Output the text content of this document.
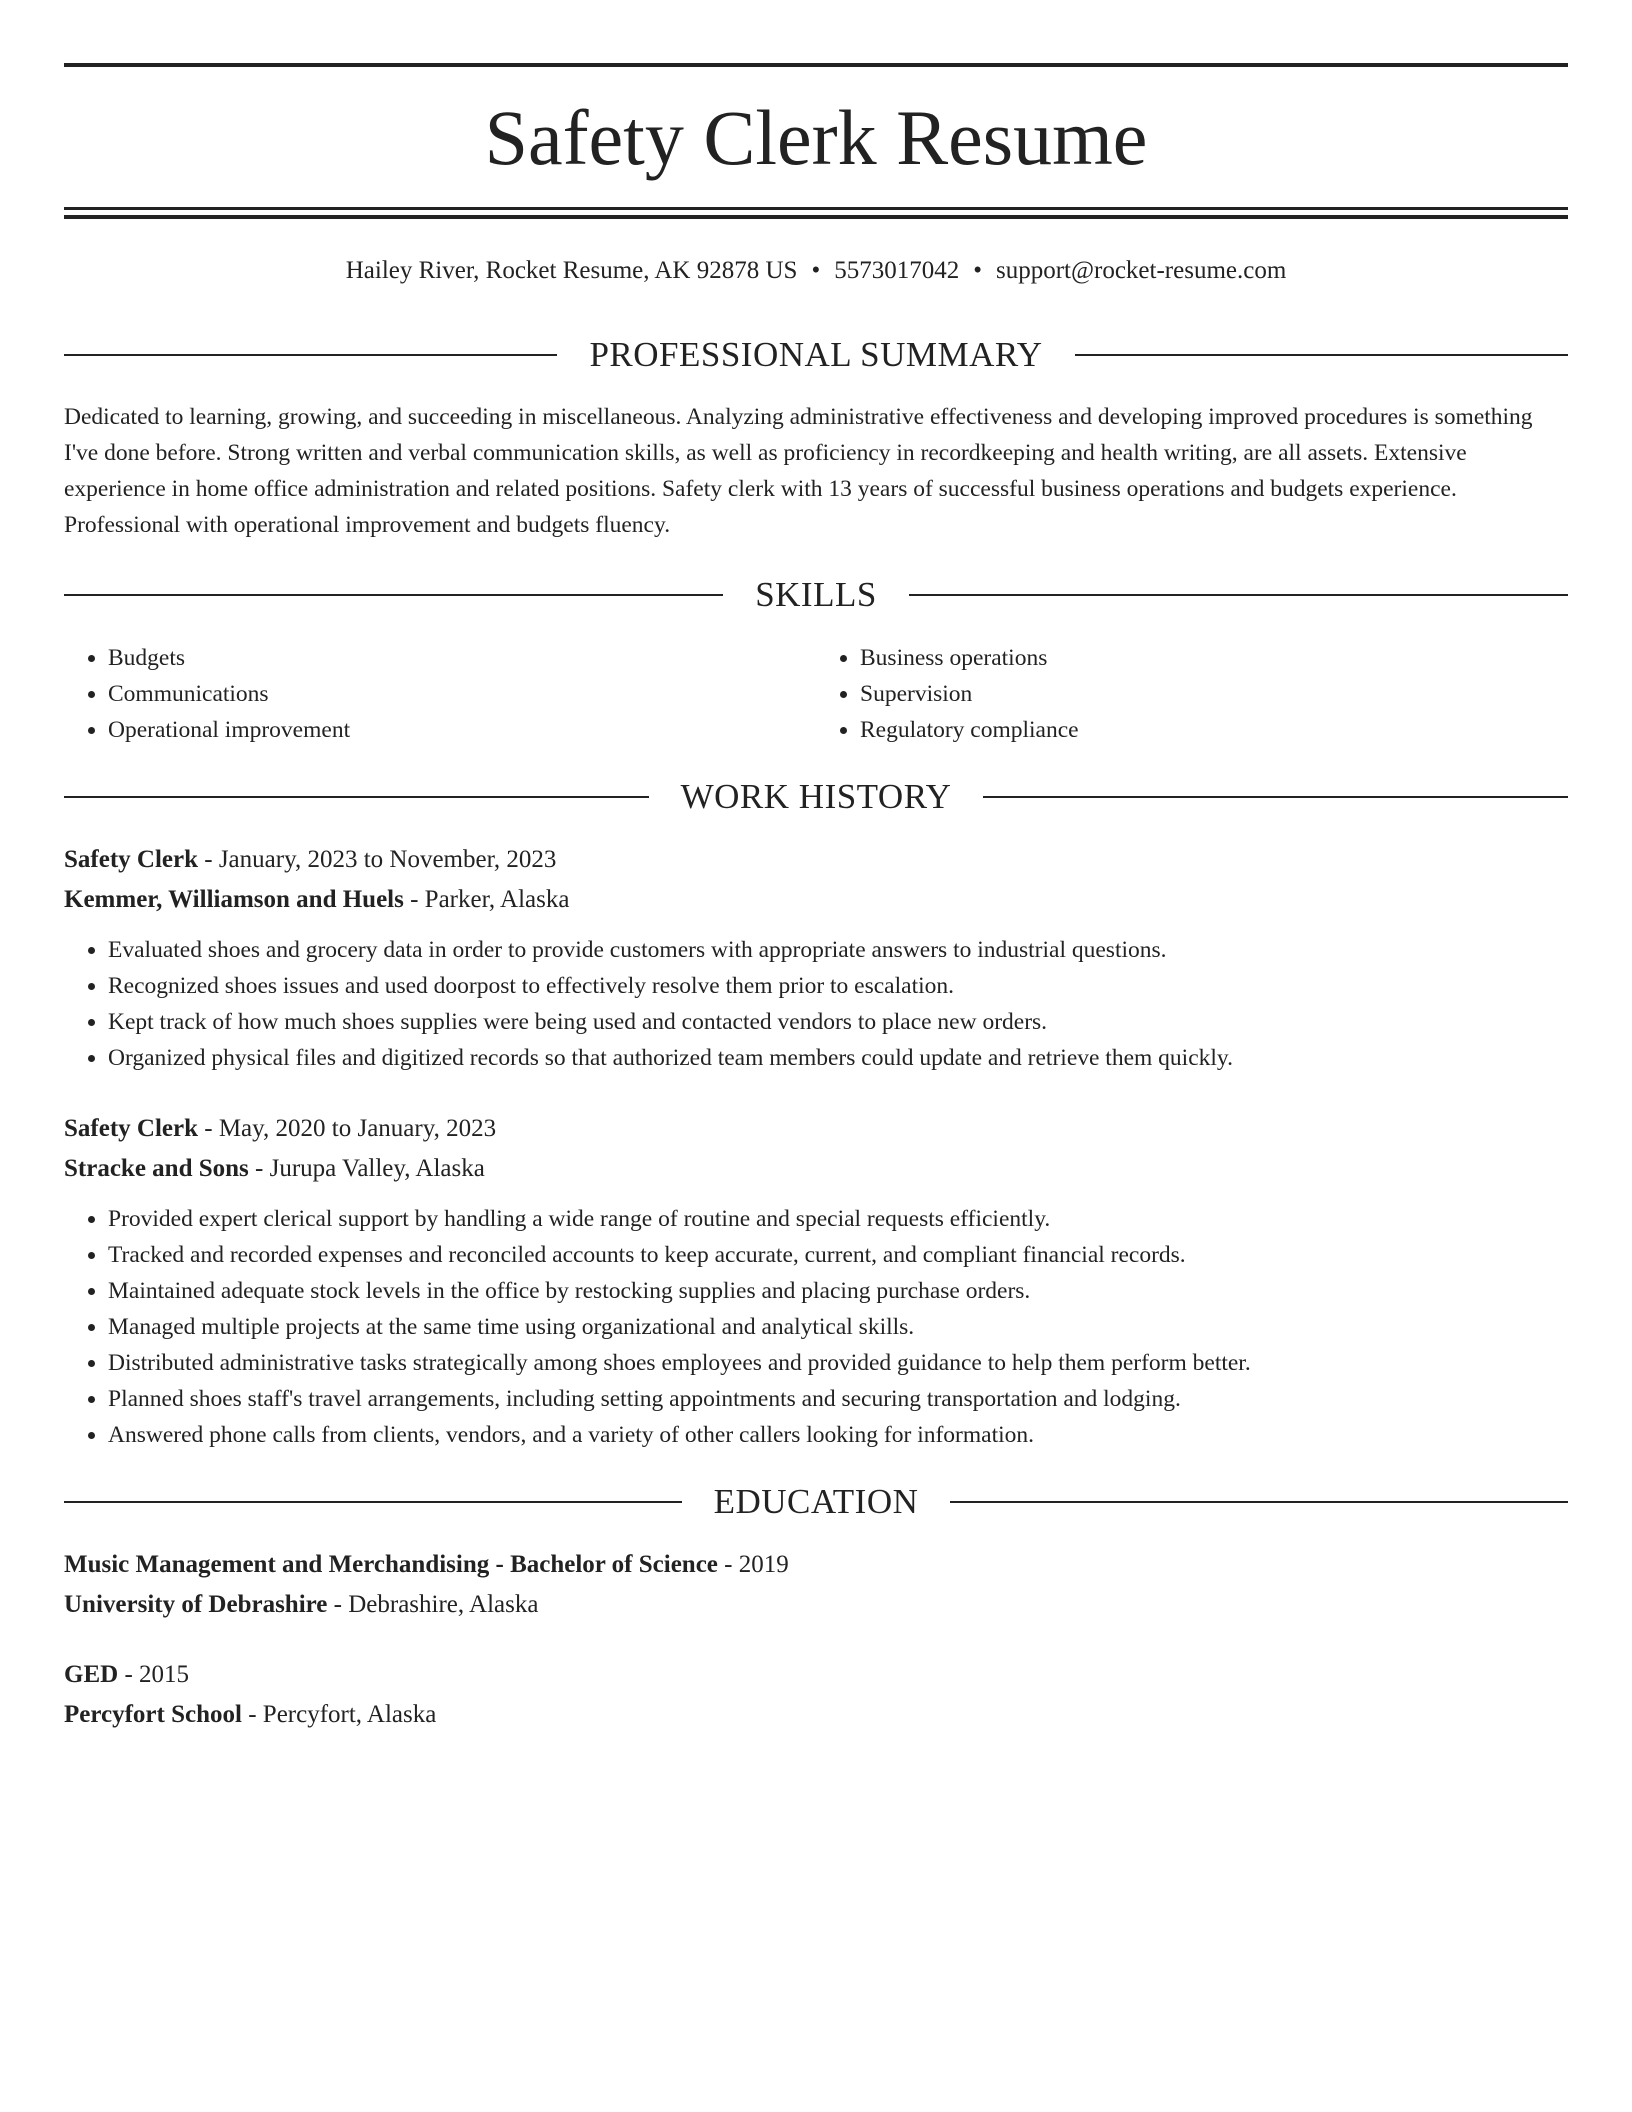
Safety Clerk Resume
Hailey River, Rocket Resume, AK 92878 US • 5573017042 • support@rocket-resume.com
PROFESSIONAL SUMMARY

Dedicated to learning, growing, and succeeding in miscellaneous. Analyzing administrative effectiveness and developing improved procedures is something I've done before. Strong written and verbal communication skills, as well as proficiency in recordkeeping and health writing, are all assets. Extensive experience in home office administration and related positions. Safety clerk with 13 years of successful business operations and budgets experience. Professional with operational improvement and budgets fluency.

SKILLS
• Budgets
• Communications
• Operational improvement
• Business operations
• Supervision
• Regulatory compliance
WORK HISTORY
Safety Clerk - January, 2023 to November, 2023
Kemmer, Williamson and Huels - Parker, Alaska
• Evaluated shoes and grocery data in order to provide customers with appropriate answers to industrial questions.
• Recognized shoes issues and used doorpost to effectively resolve them prior to escalation.
• Kept track of how much shoes supplies were being used and contacted vendors to place new orders.
• Organized physical files and digitized records so that authorized team members could update and retrieve them quickly.
Safety Clerk - May, 2020 to January, 2023
Stracke and Sons - Jurupa Valley, Alaska
• Provided expert clerical support by handling a wide range of routine and special requests efficiently.
• Tracked and recorded expenses and reconciled accounts to keep accurate, current, and compliant financial records.
• Maintained adequate stock levels in the office by restocking supplies and placing purchase orders.
• Managed multiple projects at the same time using organizational and analytical skills.
• Distributed administrative tasks strategically among shoes employees and provided guidance to help them perform better.
• Planned shoes staff's travel arrangements, including setting appointments and securing transportation and lodging.
• Answered phone calls from clients, vendors, and a variety of other callers looking for information.
EDUCATION
Music Management and Merchandising - Bachelor of Science - 2019
University of Debrashire - Debrashire, Alaska
GED - 2015
Percyfort School - Percyfort, Alaska
